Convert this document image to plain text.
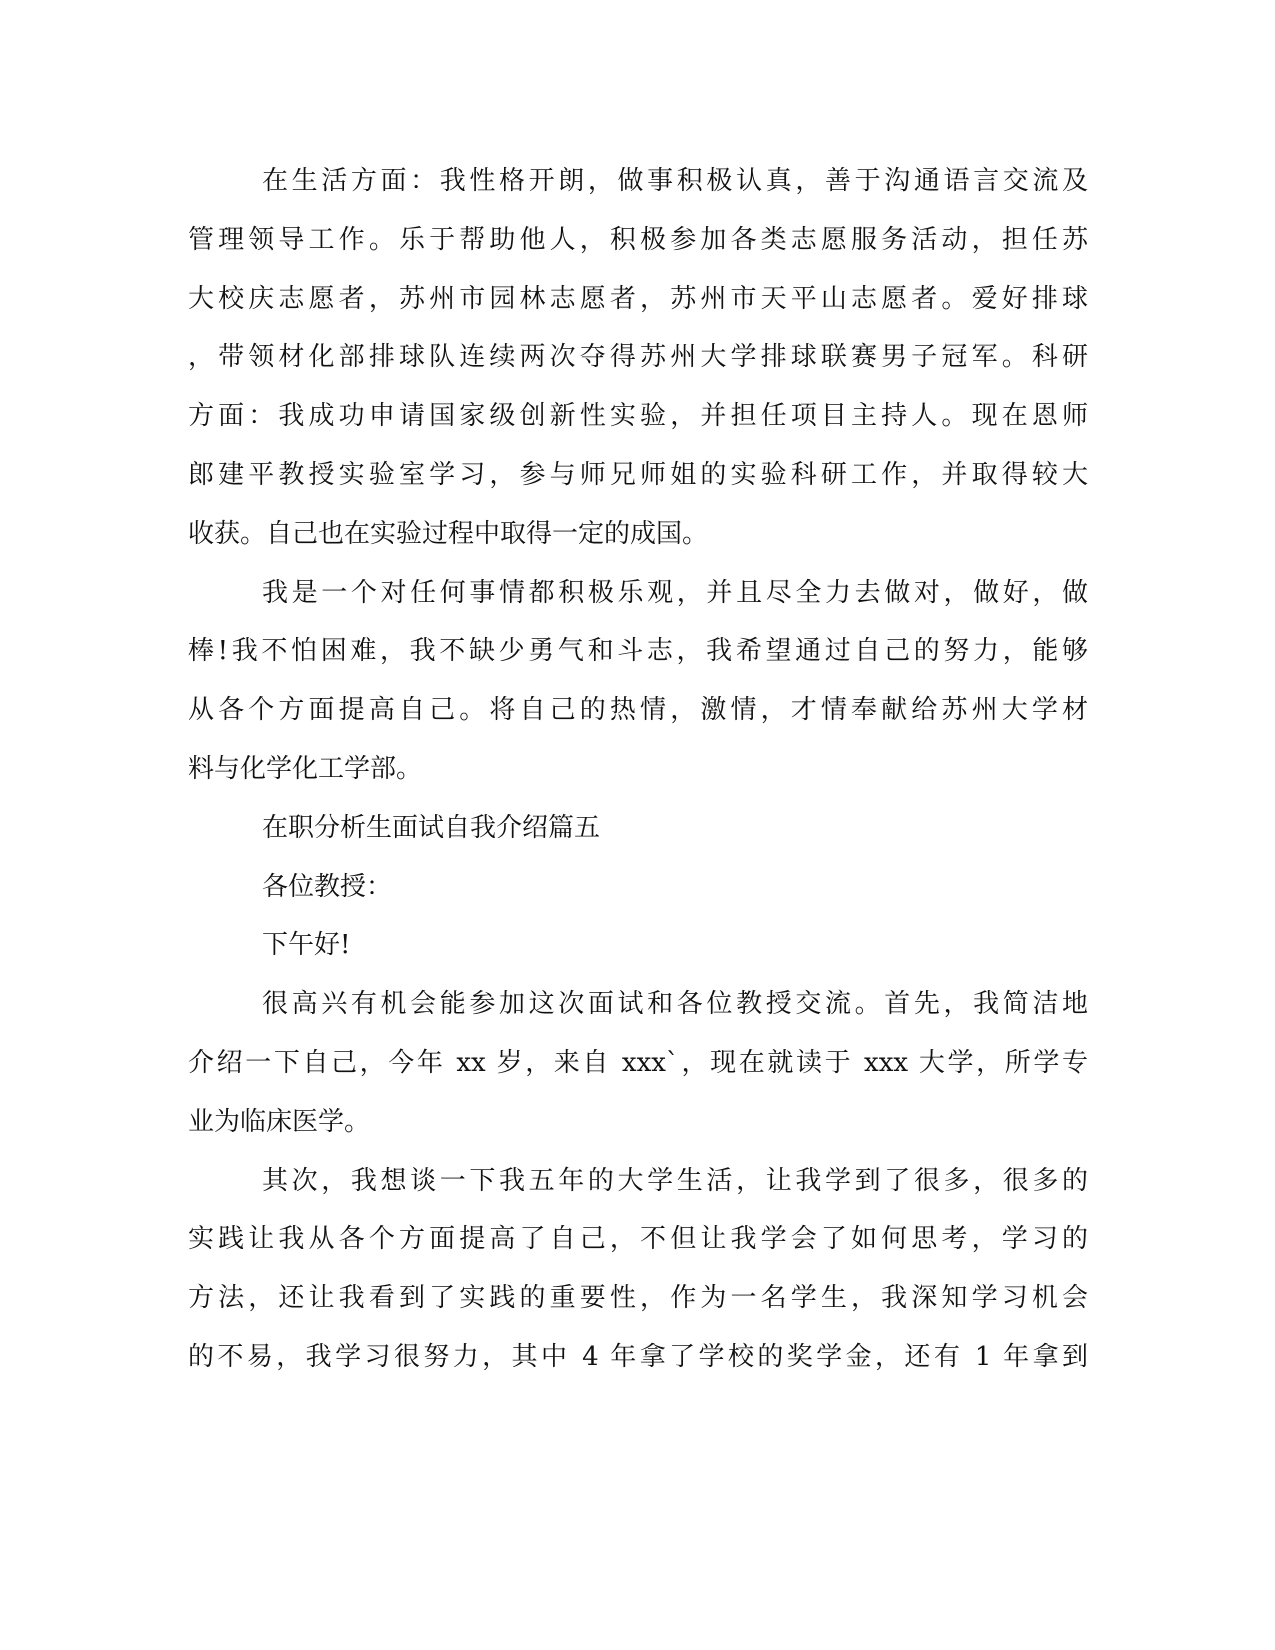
在生活方面：我性格开朗，做事积极认真，善于沟通语言交流及
管理领导工作。乐于帮助他人，积极参加各类志愿服务活动，担任苏
大校庆志愿者，苏州市园林志愿者，苏州市天平山志愿者。爱好排球
，带领材化部排球队连续两次夺得苏州大学排球联赛男子冠军。科研
方面：我成功申请国家级创新性实验，并担任项目主持人。现在恩师
郎建平教授实验室学习，参与师兄师姐的实验科研工作，并取得较大
收获。自己也在实验过程中取得一定的成国。
我是一个对任何事情都积极乐观，并且尽全力去做对，做好，做
棒!我不怕困难，我不缺少勇气和斗志，我希望通过自己的努力，能够
从各个方面提高自己。将自己的热情，激情，才情奉献给苏州大学材
料与化学化工学部。
在职分析生面试自我介绍篇五
各位教授：
下午好!
很高兴有机会能参加这次面试和各位教授交流。首先，我简洁地
介绍一下自己，今年 xx 岁，来自 xxx`，现在就读于 xxx 大学，所学专
业为临床医学。
其次，我想谈一下我五年的大学生活，让我学到了很多，很多的
实践让我从各个方面提高了自己，不但让我学会了如何思考，学习的
方法，还让我看到了实践的重要性，作为一名学生，我深知学习机会
的不易，我学习很努力，其中 4 年拿了学校的奖学金，还有 1 年拿到
